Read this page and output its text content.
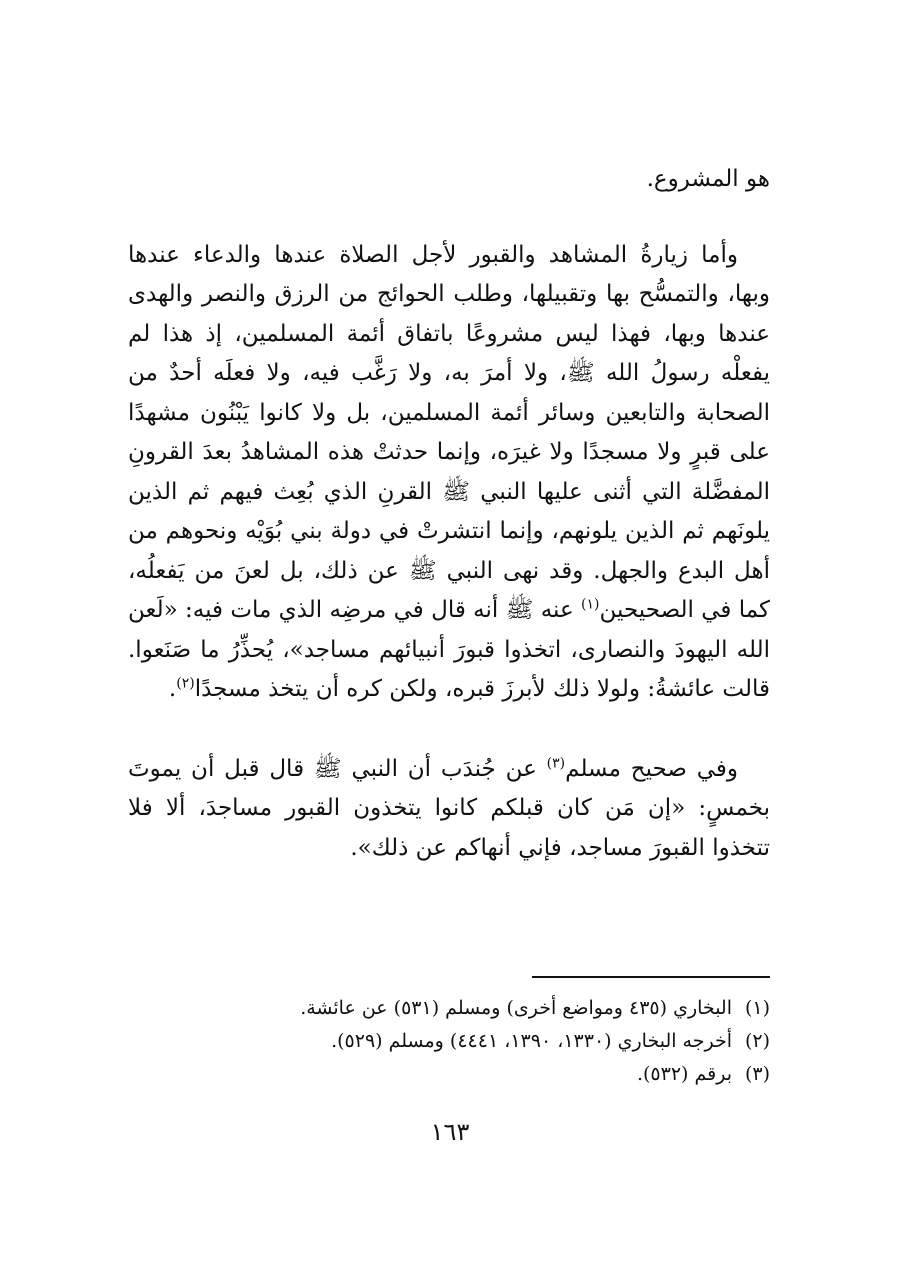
هو المشروع.

وأما زيارةُ المشاهد والقبور لأجل الصلاة عندها والدعاء عندها وبها، والتمسُّح بها وتقبيلها، وطلب الحوائج من الرزق والنصر والهدى عندها وبها، فهذا ليس مشروعًا باتفاق أئمة المسلمين، إذ هذا لم يفعلْه رسولُ الله ﷺ، ولا أمرَ به، ولا رَغَّب فيه، ولا فعلَه أحدٌ من الصحابة والتابعين وسائر أئمة المسلمين، بل ولا كانوا يَبْنُون مشهدًا على قبرٍ ولا مسجدًا ولا غيرَه، وإنما حدثتْ هذه المشاهدُ بعدَ القرونِ المفضَّلة التي أثنى عليها النبي ﷺ القرنِ الذي بُعِث فيهم ثم الذين يلونَهم ثم الذين يلونهم، وإنما انتشرتْ في دولة بني بُوَيْه ونحوهم من أهل البدع والجهل. وقد نهى النبي ﷺ عن ذلك، بل لعنَ من يَفعلُه، كما في الصحيحين$^{(١)}$ عنه ﷺ أنه قال في مرضِه الذي مات فيه: «لَعن الله اليهودَ والنصارى، اتخذوا قبورَ أنبيائهم مساجد»، يُحذِّرُ ما صَنَعوا. قالت عائشةُ: ولولا ذلك لأبرزَ قبره، ولكن كره أن يتخذ مسجدًا$^{(٢)}$.

وفي صحيح مسلم$^{(٣)}$ عن جُندَب أن النبي ﷺ قال قبل أن يموتَ بخمسٍ: «إن مَن كان قبلكم كانوا يتخذون القبور مساجدَ، ألا فلا تتخذوا القبورَ مساجد، فإني أنهاكم عن ذلك».

(١)البخاري (٤٣٥ ومواضع أخرى) ومسلم (٥٣١) عن عائشة.

(٢)أخرجه البخاري (١٣٣٠، ١٣٩٠، ٤٤٤١) ومسلم (٥٢٩).

(٣)برقم (٥٣٢).

١٦٣
